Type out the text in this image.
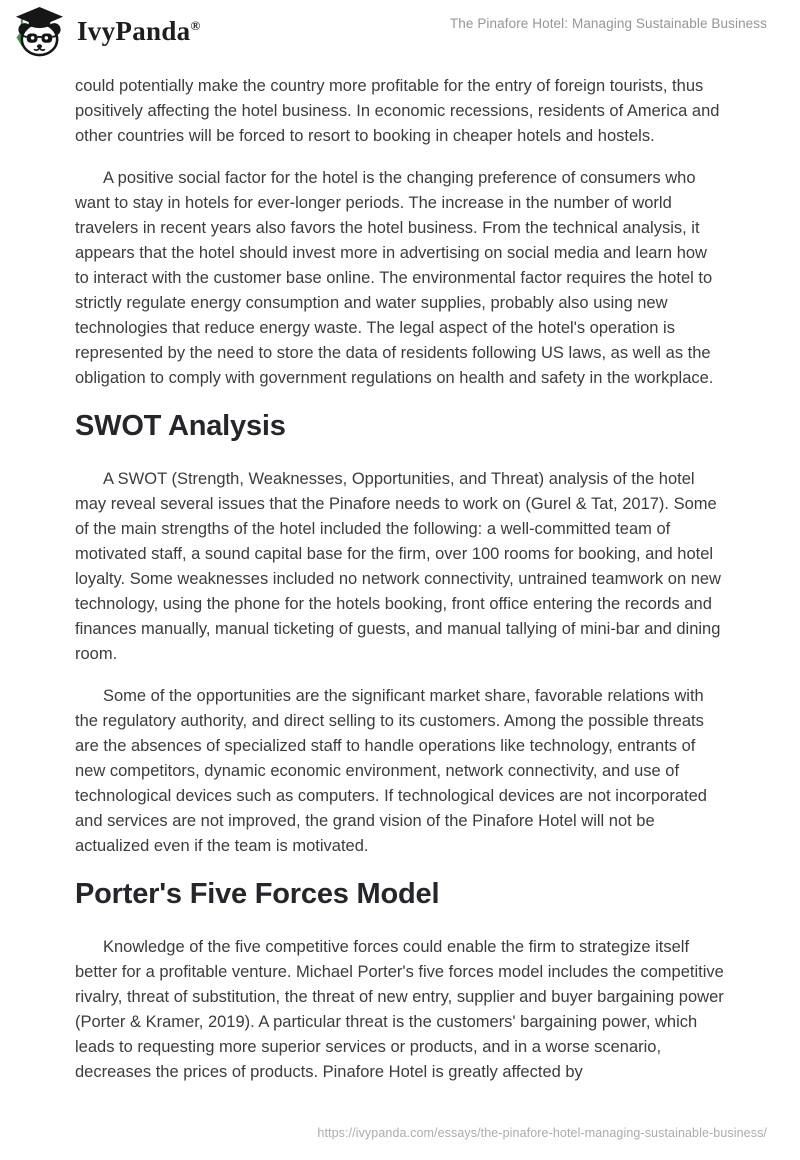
IvyPanda®	The Pinafore Hotel: Managing Sustainable Business

could potentially make the country more profitable for the entry of foreign tourists, thus positively affecting the hotel business. In economic recessions, residents of America and other countries will be forced to resort to booking in cheaper hotels and hostels.

A positive social factor for the hotel is the changing preference of consumers who want to stay in hotels for ever-longer periods. The increase in the number of world travelers in recent years also favors the hotel business. From the technical analysis, it appears that the hotel should invest more in advertising on social media and learn how to interact with the customer base online. The environmental factor requires the hotel to strictly regulate energy consumption and water supplies, probably also using new technologies that reduce energy waste. The legal aspect of the hotel's operation is represented by the need to store the data of residents following US laws, as well as the obligation to comply with government regulations on health and safety in the workplace.

SWOT Analysis

A SWOT (Strength, Weaknesses, Opportunities, and Threat) analysis of the hotel may reveal several issues that the Pinafore needs to work on (Gurel & Tat, 2017). Some of the main strengths of the hotel included the following: a well-committed team of motivated staff, a sound capital base for the firm, over 100 rooms for booking, and hotel loyalty. Some weaknesses included no network connectivity, untrained teamwork on new technology, using the phone for the hotels booking, front office entering the records and finances manually, manual ticketing of guests, and manual tallying of mini-bar and dining room.

Some of the opportunities are the significant market share, favorable relations with the regulatory authority, and direct selling to its customers. Among the possible threats are the absences of specialized staff to handle operations like technology, entrants of new competitors, dynamic economic environment, network connectivity, and use of technological devices such as computers. If technological devices are not incorporated and services are not improved, the grand vision of the Pinafore Hotel will not be actualized even if the team is motivated.

Porter's Five Forces Model

Knowledge of the five competitive forces could enable the firm to strategize itself better for a profitable venture. Michael Porter's five forces model includes the competitive rivalry, threat of substitution, the threat of new entry, supplier and buyer bargaining power (Porter & Kramer, 2019). A particular threat is the customers' bargaining power, which leads to requesting more superior services or products, and in a worse scenario, decreases the prices of products. Pinafore Hotel is greatly affected by

https://ivypanda.com/essays/the-pinafore-hotel-managing-sustainable-business/
